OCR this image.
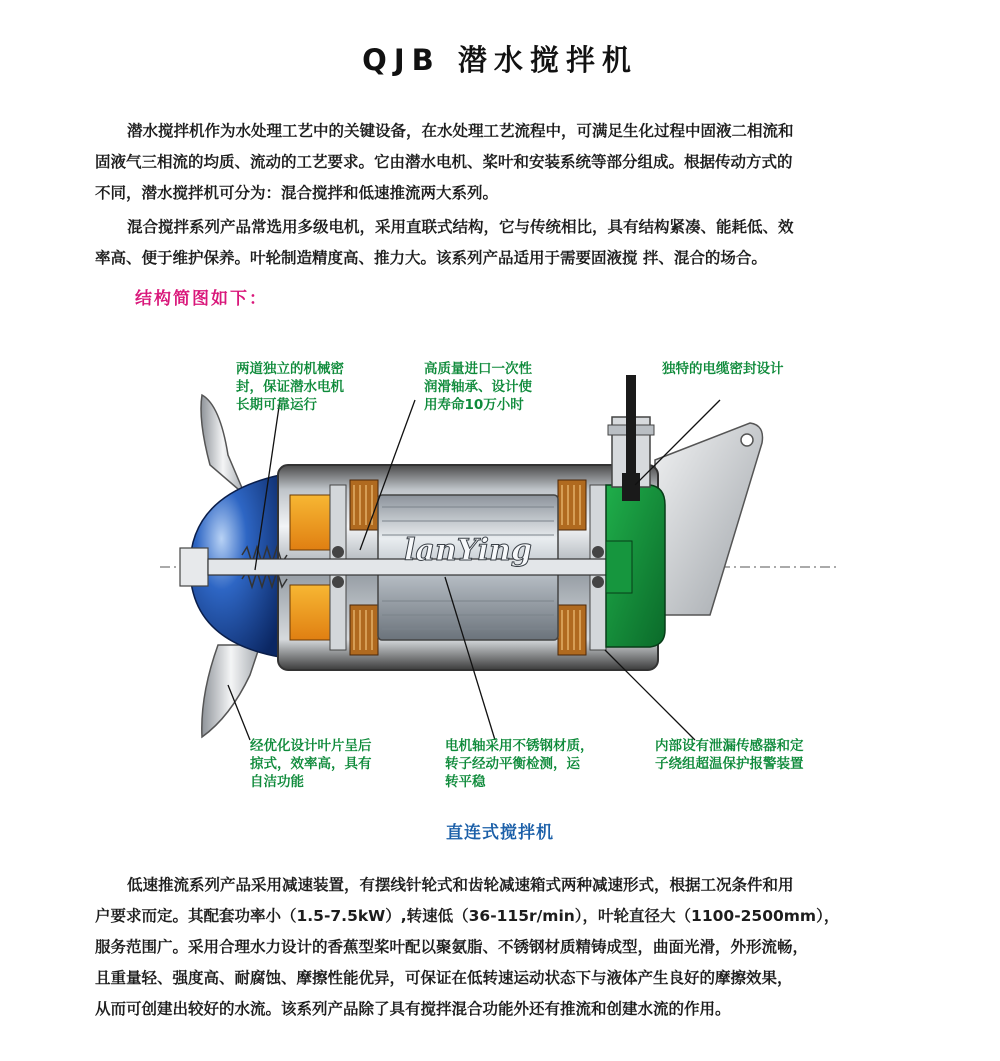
QJB 潜水搅拌机
潜水搅拌机作为水处理工艺中的关键设备，在水处理工艺流程中，可满足生化过程中固液二相流和
固液气三相流的均质、流动的工艺要求。它由潜水电机、桨叶和安装系统等部分组成。根据传动方式的
不同，潜水搅拌机可分为：混合搅拌和低速推流两大系列。
混合搅拌系列产品常选用多级电机，采用直联式结构，它与传统相比，具有结构紧凑、能耗低、效
率高、便于维护保养。叶轮制造精度高、推力大。该系列产品适用于需要固液搅 拌、混合的场合。
结构简图如下：
lanYing
两道独立的机械密
封，保证潜水电机
长期可靠运行
高质量进口一次性
润滑轴承、设计使
用寿命10万小时
独特的电缆密封设计
经优化设计叶片呈后
掠式，效率高，具有
自洁功能
电机轴采用不锈钢材质，
转子经动平衡检测，运
转平稳
内部设有泄漏传感器和定
子绕组超温保护报警装置
直连式搅拌机
低速推流系列产品采用减速装置，有摆线针轮式和齿轮减速箱式两种减速形式，根据工况条件和用
户要求而定。其配套功率小（1.5-7.5kW）,转速低（36-115r/min），叶轮直径大（1100-2500mm），
服务范围广。采用合理水力设计的香蕉型桨叶配以聚氨脂、不锈钢材质精铸成型，曲面光滑，外形流畅，
且重量轻、强度高、耐腐蚀、摩擦性能优异，可保证在低转速运动状态下与液体产生良好的摩擦效果，
从而可创建出较好的水流。该系列产品除了具有搅拌混合功能外还有推流和创建水流的作用。
